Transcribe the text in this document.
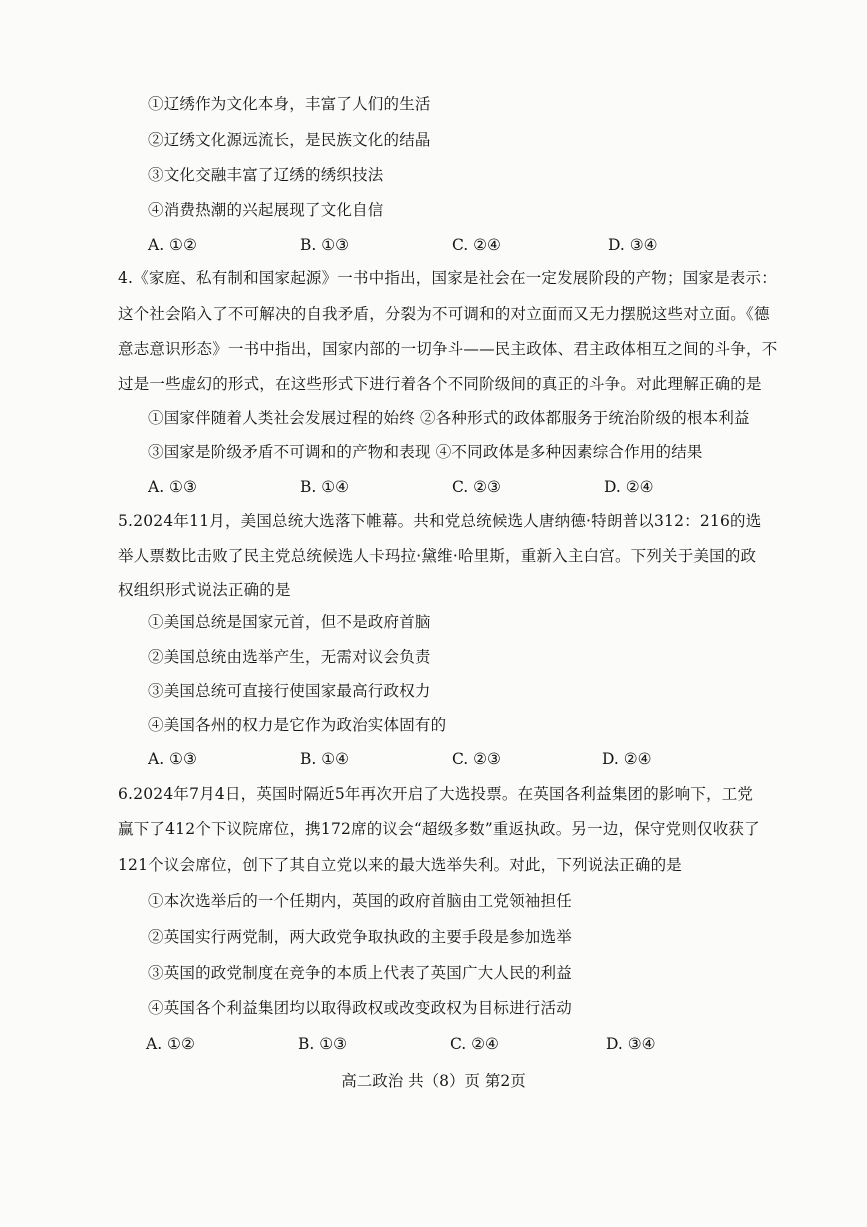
①辽绣作为文化本身，丰富了人们的生活
②辽绣文化源远流长，是民族文化的结晶
③文化交融丰富了辽绣的绣织技法
④消费热潮的兴起展现了文化自信
A. ①②	B. ①③	C. ②④	D. ③④
4.《家庭、私有制和国家起源》一书中指出，国家是社会在一定发展阶段的产物；国家是表示：
这个社会陷入了不可解决的自我矛盾，分裂为不可调和的对立面而又无力摆脱这些对立面。《德
意志意识形态》一书中指出，国家内部的一切争斗——民主政体、君主政体相互之间的斗争，不
过是一些虚幻的形式，在这些形式下进行着各个不同阶级间的真正的斗争。对此理解正确的是
①国家伴随着人类社会发展过程的始终 ②各种形式的政体都服务于统治阶级的根本利益
③国家是阶级矛盾不可调和的产物和表现 ④不同政体是多种因素综合作用的结果
A. ①③	B. ①④	C. ②③	D. ②④
5.2024年11月，美国总统大选落下帷幕。共和党总统候选人唐纳德·特朗普以312：216的选
举人票数比击败了民主党总统候选人卡玛拉·黛维·哈里斯，重新入主白宫。下列关于美国的政
权组织形式说法正确的是
①美国总统是国家元首，但不是政府首脑
②美国总统由选举产生，无需对议会负责
③美国总统可直接行使国家最高行政权力
④美国各州的权力是它作为政治实体固有的
A. ①③	B. ①④	C. ②③	D. ②④
6.2024年7月4日，英国时隔近5年再次开启了大选投票。在英国各利益集团的影响下，工党
赢下了412个下议院席位，携172席的议会“超级多数”重返执政。另一边，保守党则仅收获了
121个议会席位，创下了其自立党以来的最大选举失利。对此，下列说法正确的是
①本次选举后的一个任期内，英国的政府首脑由工党领袖担任
②英国实行两党制，两大政党争取执政的主要手段是参加选举
③英国的政党制度在竞争的本质上代表了英国广大人民的利益
④英国各个利益集团均以取得政权或改变政权为目标进行活动
A. ①②	B. ①③	C. ②④	D. ③④
高二政治 共（8）页 第2页
